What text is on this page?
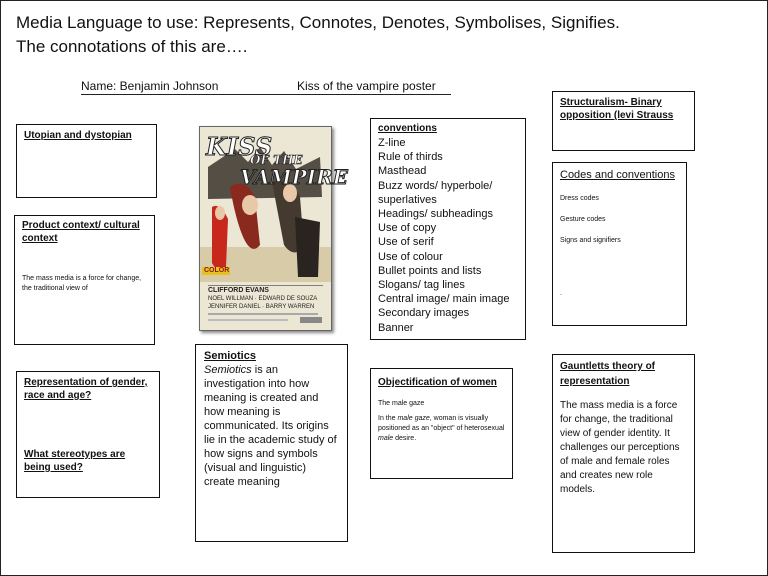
Media Language to use: Represents, Connotes, Denotes, Symbolises, Signifies.
The connotations of this are….
Name: Benjamin Johnson	Kiss of the vampire poster
Utopian and dystopian
Product context/ cultural context
The mass media is a force for change, the traditional view of
Representation of gender, race and age?
What stereotypes are being used?
KISS
OF THE
VAMPIRE
COLOR
CLIFFORD EVANS
NOEL WILLMAN · EDWARD DE SOUZA
JENNIFER DANIEL · BARRY WARREN
Semiotics
Semiotics is an investigation into how meaning is created and how meaning is communicated. Its origins lie in the academic study of how signs and symbols (visual and linguistic) create meaning
conventions
Z-line
Rule of thirds
Masthead
Buzz words/ hyperbole/
superlatives
Headings/ subheadings
Use of copy
Use of serif
Use of colour
Bullet points and lists
Slogans/ tag lines
Central image/ main image
Secondary images
Banner
Objectification of women
The male gaze
In the male gaze, woman is visually positioned as an "object" of heterosexual male desire.
Structuralism- Binary opposition (levi Strauss
Codes and conventions
Dress codes
Gesture codes
Signs and signifiers
.
Gauntletts theory of representation
The mass media is a force for change, the traditional view of gender identity. It challenges our perceptions of male and female roles and creates new role models.
